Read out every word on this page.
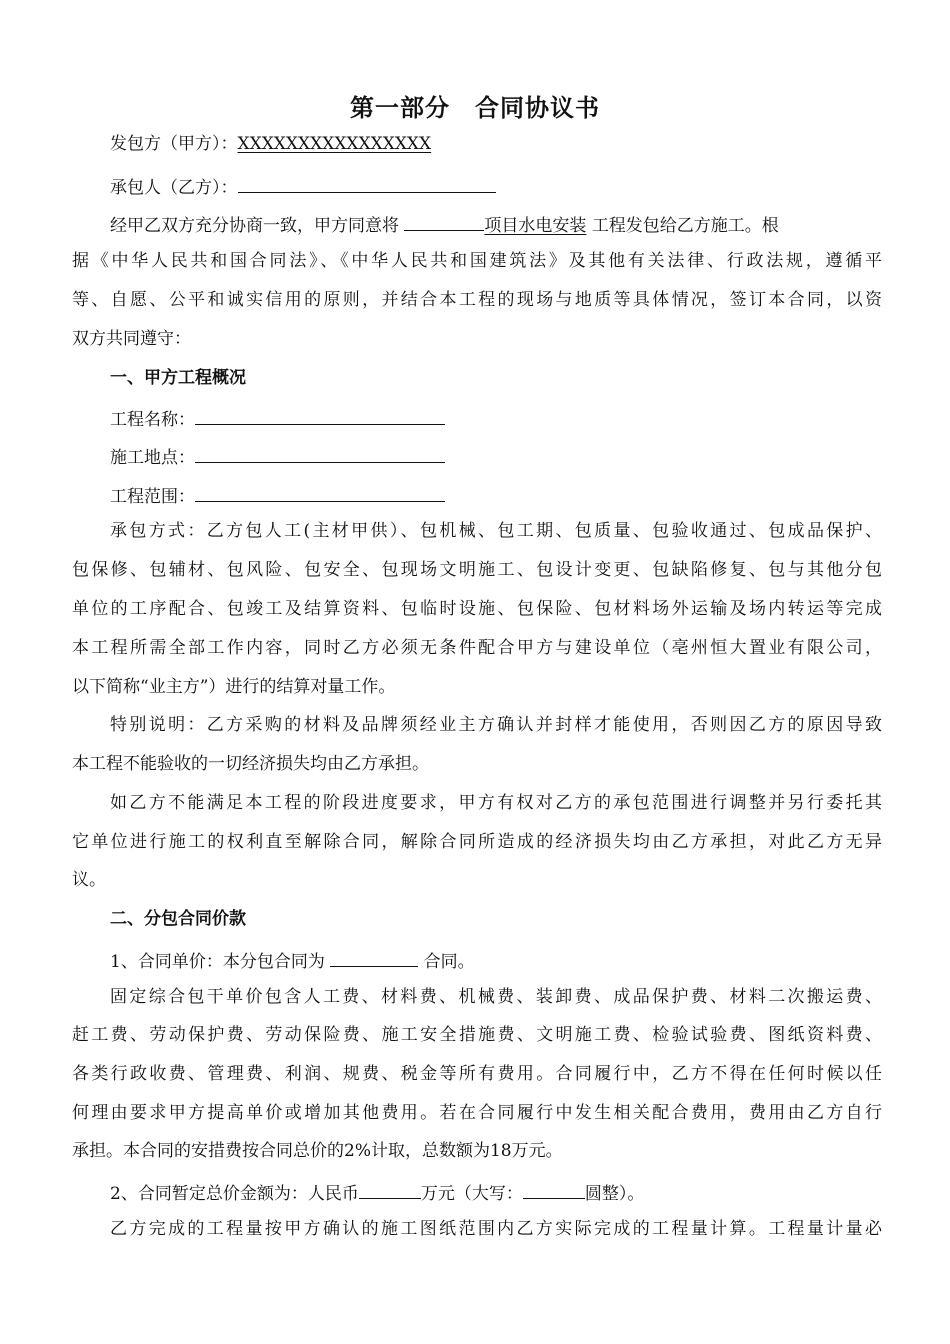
第一部分　合同协议书
发包方（甲方）：XXXXXXXXXXXXXXXX
承包人（乙方）：
经甲乙双方充分协商一致，甲方同意将	项目水电安装 工程发包给乙方施工。根
据《中华人民共和国合同法》、《中华人民共和国建筑法》及其他有关法律、行政法规，遵循平
等、自愿、公平和诚实信用的原则，并结合本工程的现场与地质等具体情况，签订本合同，以资
双方共同遵守：
一、甲方工程概况
工程名称：
施工地点：
工程范围：
承包方式：乙方包人工(主材甲供）、包机械、包工期、包质量、包验收通过、包成品保护、
包保修、包辅材、包风险、包安全、包现场文明施工、包设计变更、包缺陷修复、包与其他分包
单位的工序配合、包竣工及结算资料、包临时设施、包保险、包材料场外运输及场内转运等完成
本工程所需全部工作内容，同时乙方必须无条件配合甲方与建设单位（亳州恒大置业有限公司，
以下简称“业主方”）进行的结算对量工作。
特别说明：乙方采购的材料及品牌须经业主方确认并封样才能使用，否则因乙方的原因导致
本工程不能验收的一切经济损失均由乙方承担。
如乙方不能满足本工程的阶段进度要求，甲方有权对乙方的承包范围进行调整并另行委托其
它单位进行施工的权利直至解除合同，解除合同所造成的经济损失均由乙方承担，对此乙方无异
议。
二、分包合同价款
1、合同单价：本分包合同为	合同。
固定综合包干单价包含人工费、材料费、机械费、装卸费、成品保护费、材料二次搬运费、
赶工费、劳动保护费、劳动保险费、施工安全措施费、文明施工费、检验试验费、图纸资料费、
各类行政收费、管理费、利润、规费、税金等所有费用。合同履行中，乙方不得在任何时候以任
何理由要求甲方提高单价或增加其他费用。若在合同履行中发生相关配合费用，费用由乙方自行
承担。本合同的安措费按合同总价的2%计取，总数额为18万元。
2、合同暂定总价金额为：人民币	万元（大写：	圆整）。
乙方完成的工程量按甲方确认的施工图纸范围内乙方实际完成的工程量计算。工程量计量必
